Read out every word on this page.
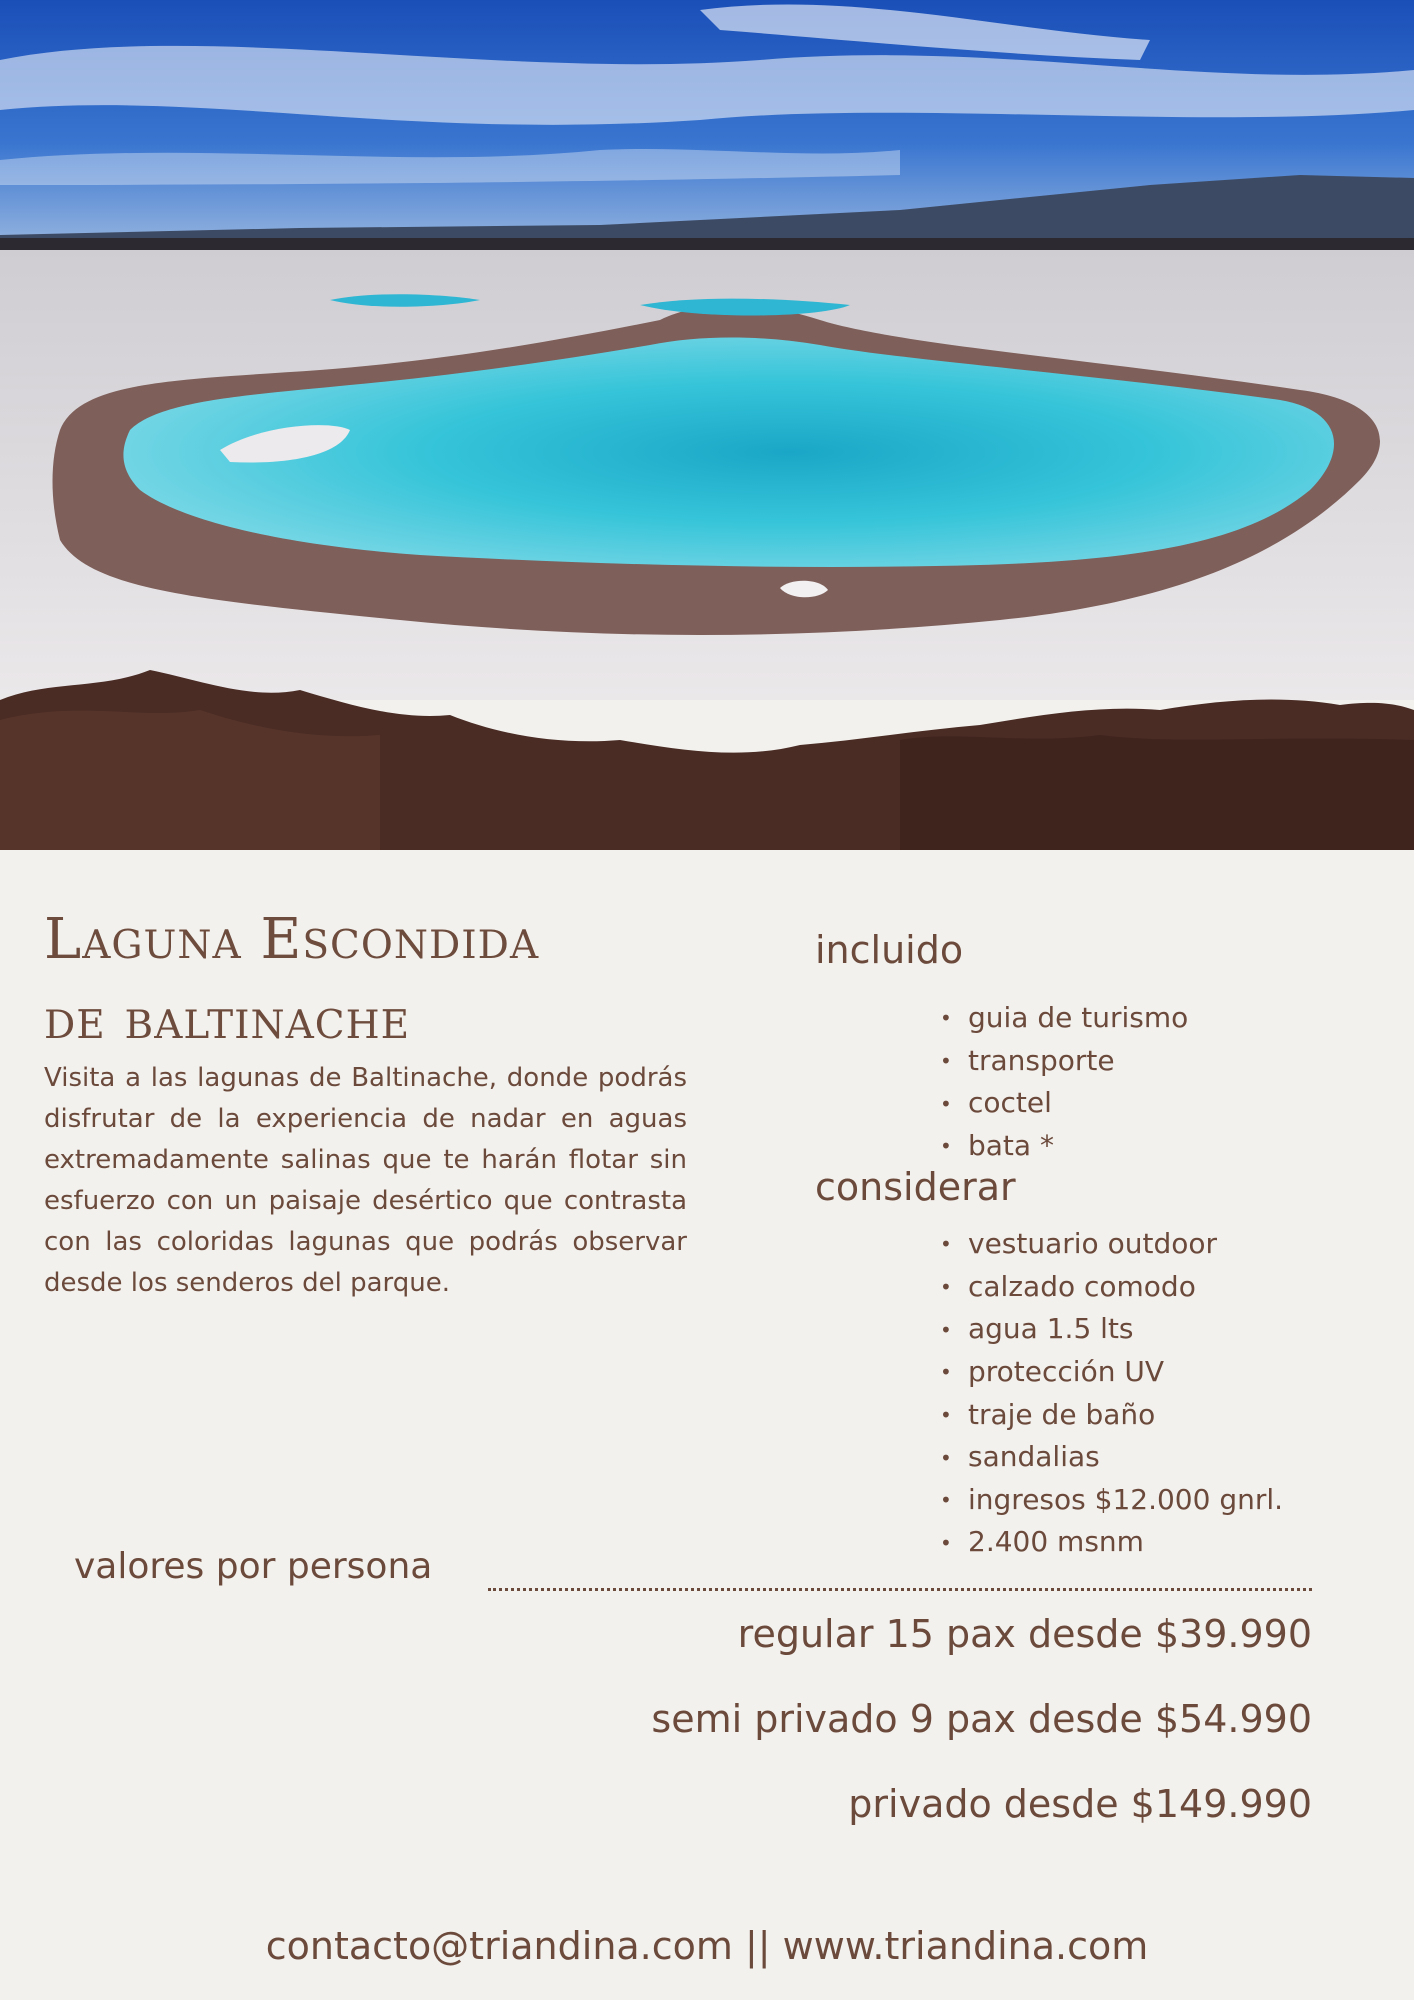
Laguna Escondida
de baltinache
Visita a las lagunas de Baltinache, donde podrás disfrutar de la experiencia de nadar en aguas extremadamente salinas que te harán flotar sin esfuerzo con un paisaje desértico que contrasta con las coloridas lagunas que podrás observar desde los senderos del parque.
incluido
• guia de turismo
• transporte
• coctel
• bata *
considerar
• vestuario outdoor
• calzado comodo
• agua 1.5 lts
• protección UV
• traje de baño
• sandalias
• ingresos $12.000 gnrl.
• 2.400 msnm
valores por persona
regular 15 pax desde $39.990
semi privado 9 pax desde $54.990
privado desde $149.990
contacto@triandina.com || www.triandina.com
